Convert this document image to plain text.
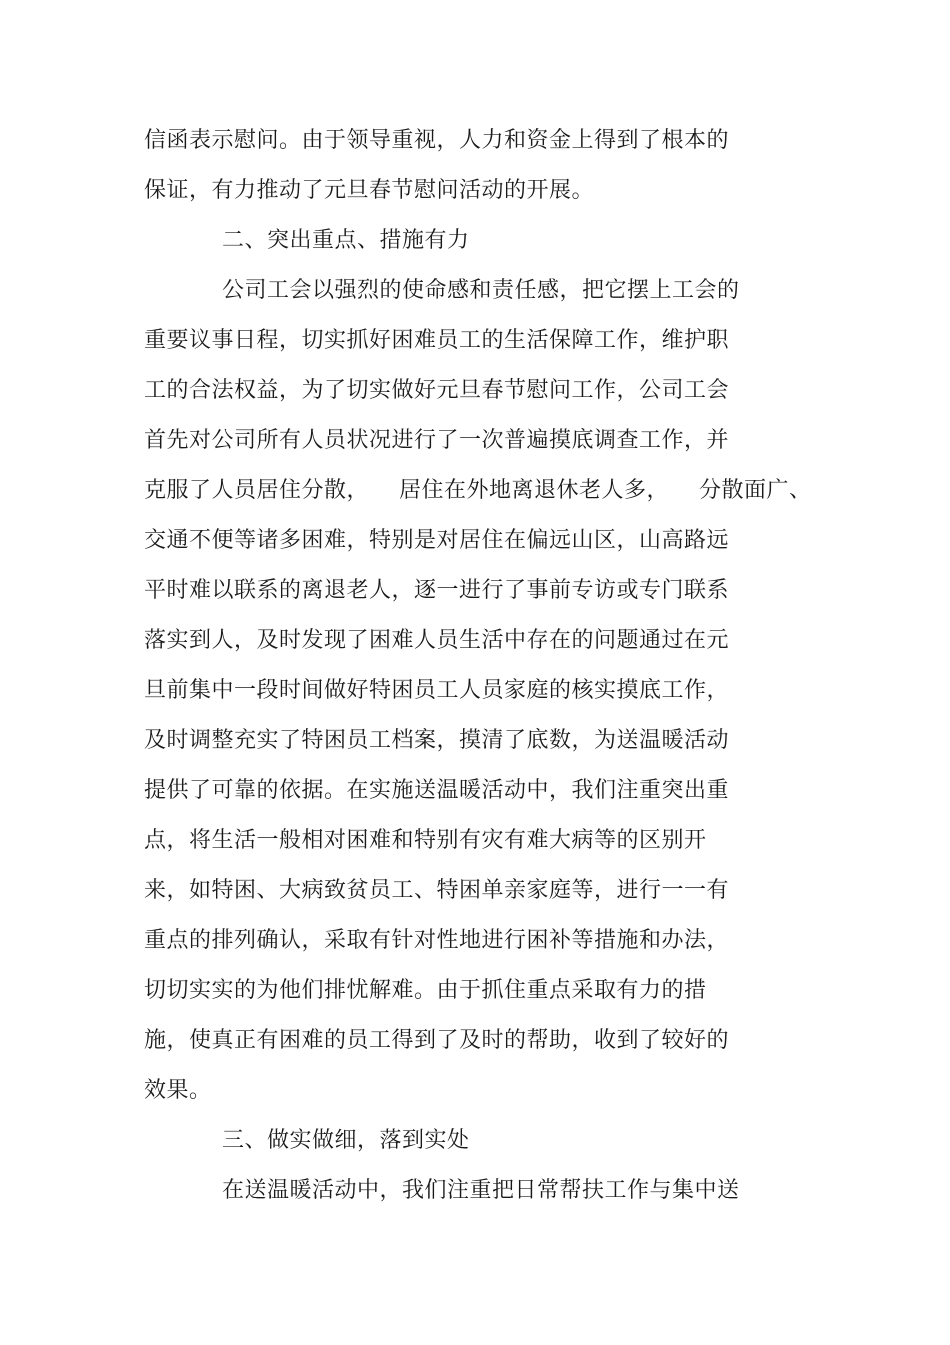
信函表示慰问。由于领导重视，人力和资金上得到了根本的
保证，有力推动了元旦春节慰问活动的开展。
二、突出重点、措施有力
公司工会以强烈的使命感和责任感，把它摆上工会的
重要议事日程，切实抓好困难员工的生活保障工作，维护职
工的合法权益，为了切实做好元旦春节慰问工作，公司工会
首先对公司所有人员状况进行了一次普遍摸底调查工作，并
克服了人员居住分散，    居住在外地离退休老人多，    分散面广、
交通不便等诸多困难，特别是对居住在偏远山区，山高路远
平时难以联系的离退老人，逐一进行了事前专访或专门联系
落实到人，及时发现了困难人员生活中存在的问题通过在元
旦前集中一段时间做好特困员工人员家庭的核实摸底工作，
及时调整充实了特困员工档案，摸清了底数，为送温暖活动
提供了可靠的依据。在实施送温暖活动中，我们注重突出重
点，将生活一般相对困难和特别有灾有难大病等的区别开
来，如特困、大病致贫员工、特困单亲家庭等，进行一一有
重点的排列确认，采取有针对性地进行困补等措施和办法，
切切实实的为他们排忧解难。由于抓住重点采取有力的措
施，使真正有困难的员工得到了及时的帮助，收到了较好的
效果。
三、做实做细，落到实处
在送温暖活动中，我们注重把日常帮扶工作与集中送
